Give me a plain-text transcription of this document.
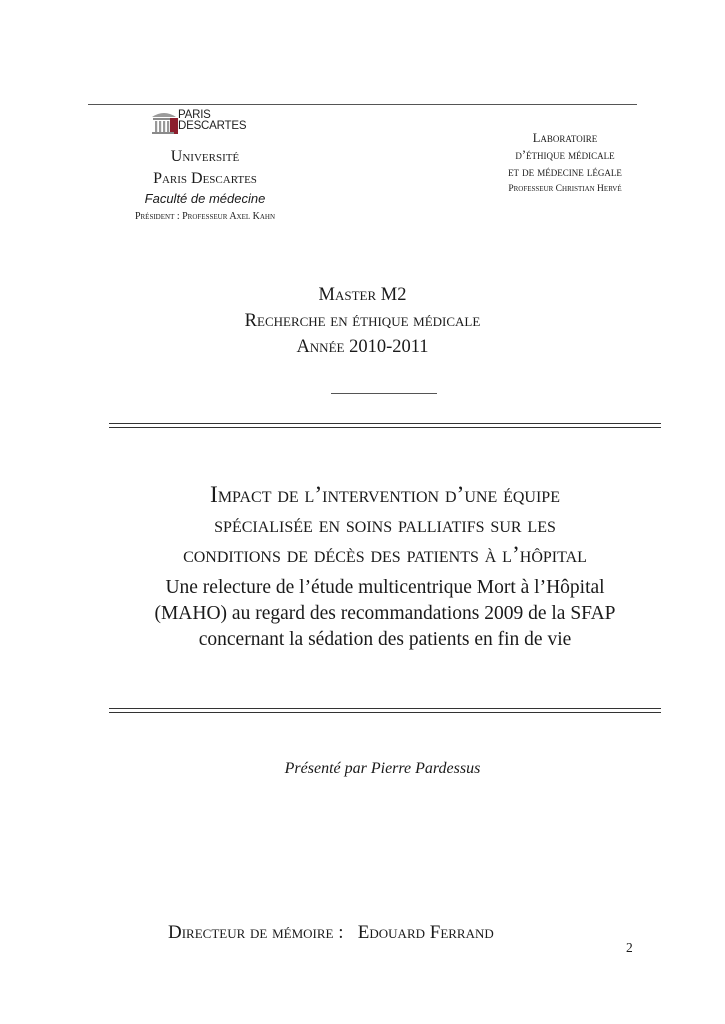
PARIS
DESCARTES
Université
Paris Descartes
Faculté de médecine
Président : Professeur Axel Kahn
Laboratoire
d’éthique médicale
et de médecine légale
Professeur Christian Hervé
Master M2
Recherche en éthique médicale
Année 2010-2011
Impact de l’intervention d’une équipe
spécialisée en soins palliatifs sur les
conditions de décès des patients à l’hôpital
Une relecture de l’étude multicentrique Mort à l’Hôpital
(MAHO) au regard des recommandations 2009 de la SFAP
concernant la sédation des patients en fin de vie
Présenté par Pierre Pardessus
Directeur de mémoire : Edouard Ferrand
2
